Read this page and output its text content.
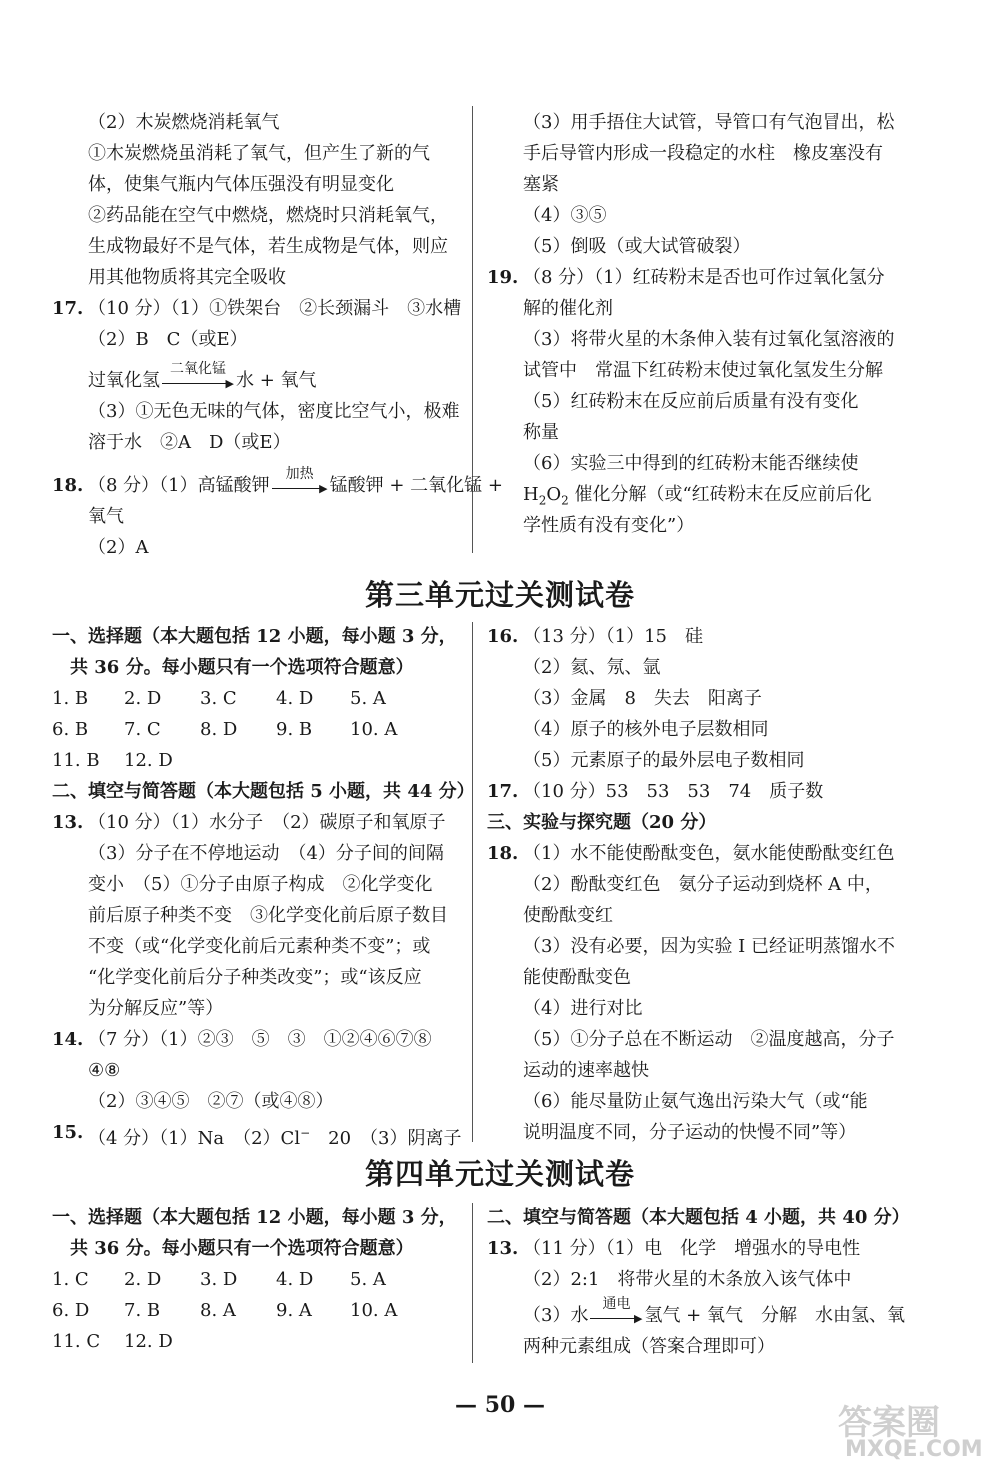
（2）木炭燃烧消耗氧气
①木炭燃烧虽消耗了氧气，但产生了新的气
体，使集气瓶内气体压强没有明显变化
②药品能在空气中燃烧，燃烧时只消耗氧气，
生成物最好不是气体，若生成物是气体，则应
用其他物质将其完全吸收
17. （10 分）（1）①铁架台　②长颈漏斗　③水槽
（2）B　C（或E）
过氧化氢
二氧化锰
▶ 水 + 氧气
（3）①无色无味的气体，密度比空气小，极难
溶于水　②A　D（或E）
18. （8 分）（1）高锰酸钾
加热
▶ 锰酸钾 + 二氧化锰 +
氧气
（2）A
（3）用手捂住大试管，导管口有气泡冒出，松
手后导管内形成一段稳定的水柱　橡皮塞没有
塞紧
（4）③⑤
（5）倒吸（或大试管破裂）
19. （8 分）（1）红砖粉末是否也可作过氧化氢分
解的催化剂
（3）将带火星的木条伸入装有过氧化氢溶液的
试管中　常温下红砖粉末使过氧化氢发生分解
（5）红砖粉末在反应前后质量有没有变化
称量
（6）实验三中得到的红砖粉末能否继续使
$H_2O_2$ 催化分解（或“红砖粉末在反应前后化
学性质有没有变化”）
第三单元过关测试卷
一、选择题（本大题包括 12 小题，每小题 3 分，
共 36 分。每小题只有一个选项符合题意）
1. B 2. D 3. C 4. D 5. A
6. B 7. C 8. D 9. B 10. A
11. B 12. D
二、填空与简答题（本大题包括 5 小题，共 44 分）
13. （10 分）（1）水分子　（2）碳原子和氧原子
（3）分子在不停地运动　（4）分子间的间隔
变小　（5）①分子由原子构成　②化学变化
前后原子种类不变　③化学变化前后原子数目
不变（或“化学变化前后元素种类不变”；或
“化学变化前后分子种类改变”；或“该反应
为分解反应”等）
14. （7 分）（1）②③　⑤　③　①②④⑥⑦⑧
④⑧
（2）③④⑤　②⑦（或④⑧）
15. （4 分）（1）Na　（2）Cl−　20　（3）阴离子
16. （13 分）（1）15　硅
（2）氦、氖、氩
（3）金属　8　失去　阳离子
（4）原子的核外电子层数相同
（5）元素原子的最外层电子数相同
17. （10 分）53　53　53　74　质子数
三、实验与探究题（20 分）
18. （1）水不能使酚酞变色，氨水能使酚酞变红色
（2）酚酞变红色　氨分子运动到烧杯 A 中，
使酚酞变红
（3）没有必要，因为实验 I 已经证明蒸馏水不
能使酚酞变色
（4）进行对比
（5）①分子总在不断运动　②温度越高，分子
运动的速率越快
（6）能尽量防止氨气逸出污染大气（或“能
说明温度不同，分子运动的快慢不同”等）
第四单元过关测试卷
一、选择题（本大题包括 12 小题，每小题 3 分，
共 36 分。每小题只有一个选项符合题意）
1. C 2. D 3. D 4. D 5. A
6. D 7. B 8. A 9. A 10. A
11. C 12. D
二、填空与简答题（本大题包括 4 小题，共 40 分）
13. （11 分）（1）电　化学　增强水的导电性
（2）2:1　将带火星的木条放入该气体中
（3）水
通电
▶ 氢气 + 氧气　分解　水由氢、氧
两种元素组成（答案合理即可）
— 50 —	答案圈
MXQE.COM
